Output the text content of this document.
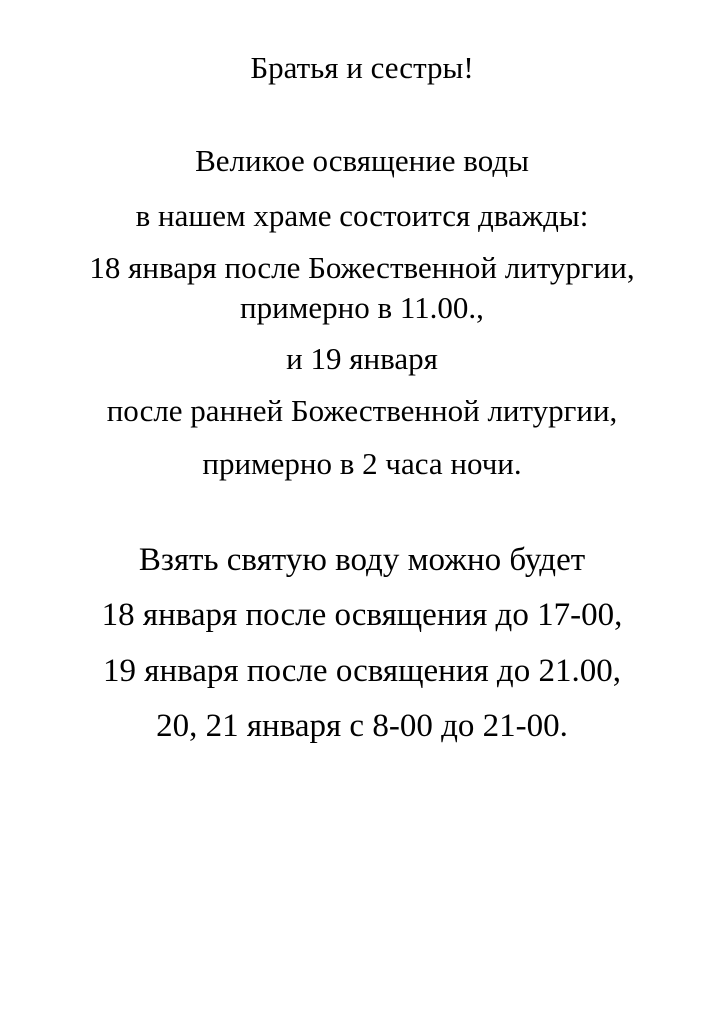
Братья и сестры!
Великое освящение воды
в нашем храме состоится дважды:
18 января после Божественной литургии,
примерно в 11.00.,
и 19 января
после ранней Божественной литургии,
примерно в 2 часа ночи.
Взять святую воду можно будет
18 января после освящения до 17-00,
19 января после освящения до 21.00,
20, 21 января с 8-00 до 21-00.
